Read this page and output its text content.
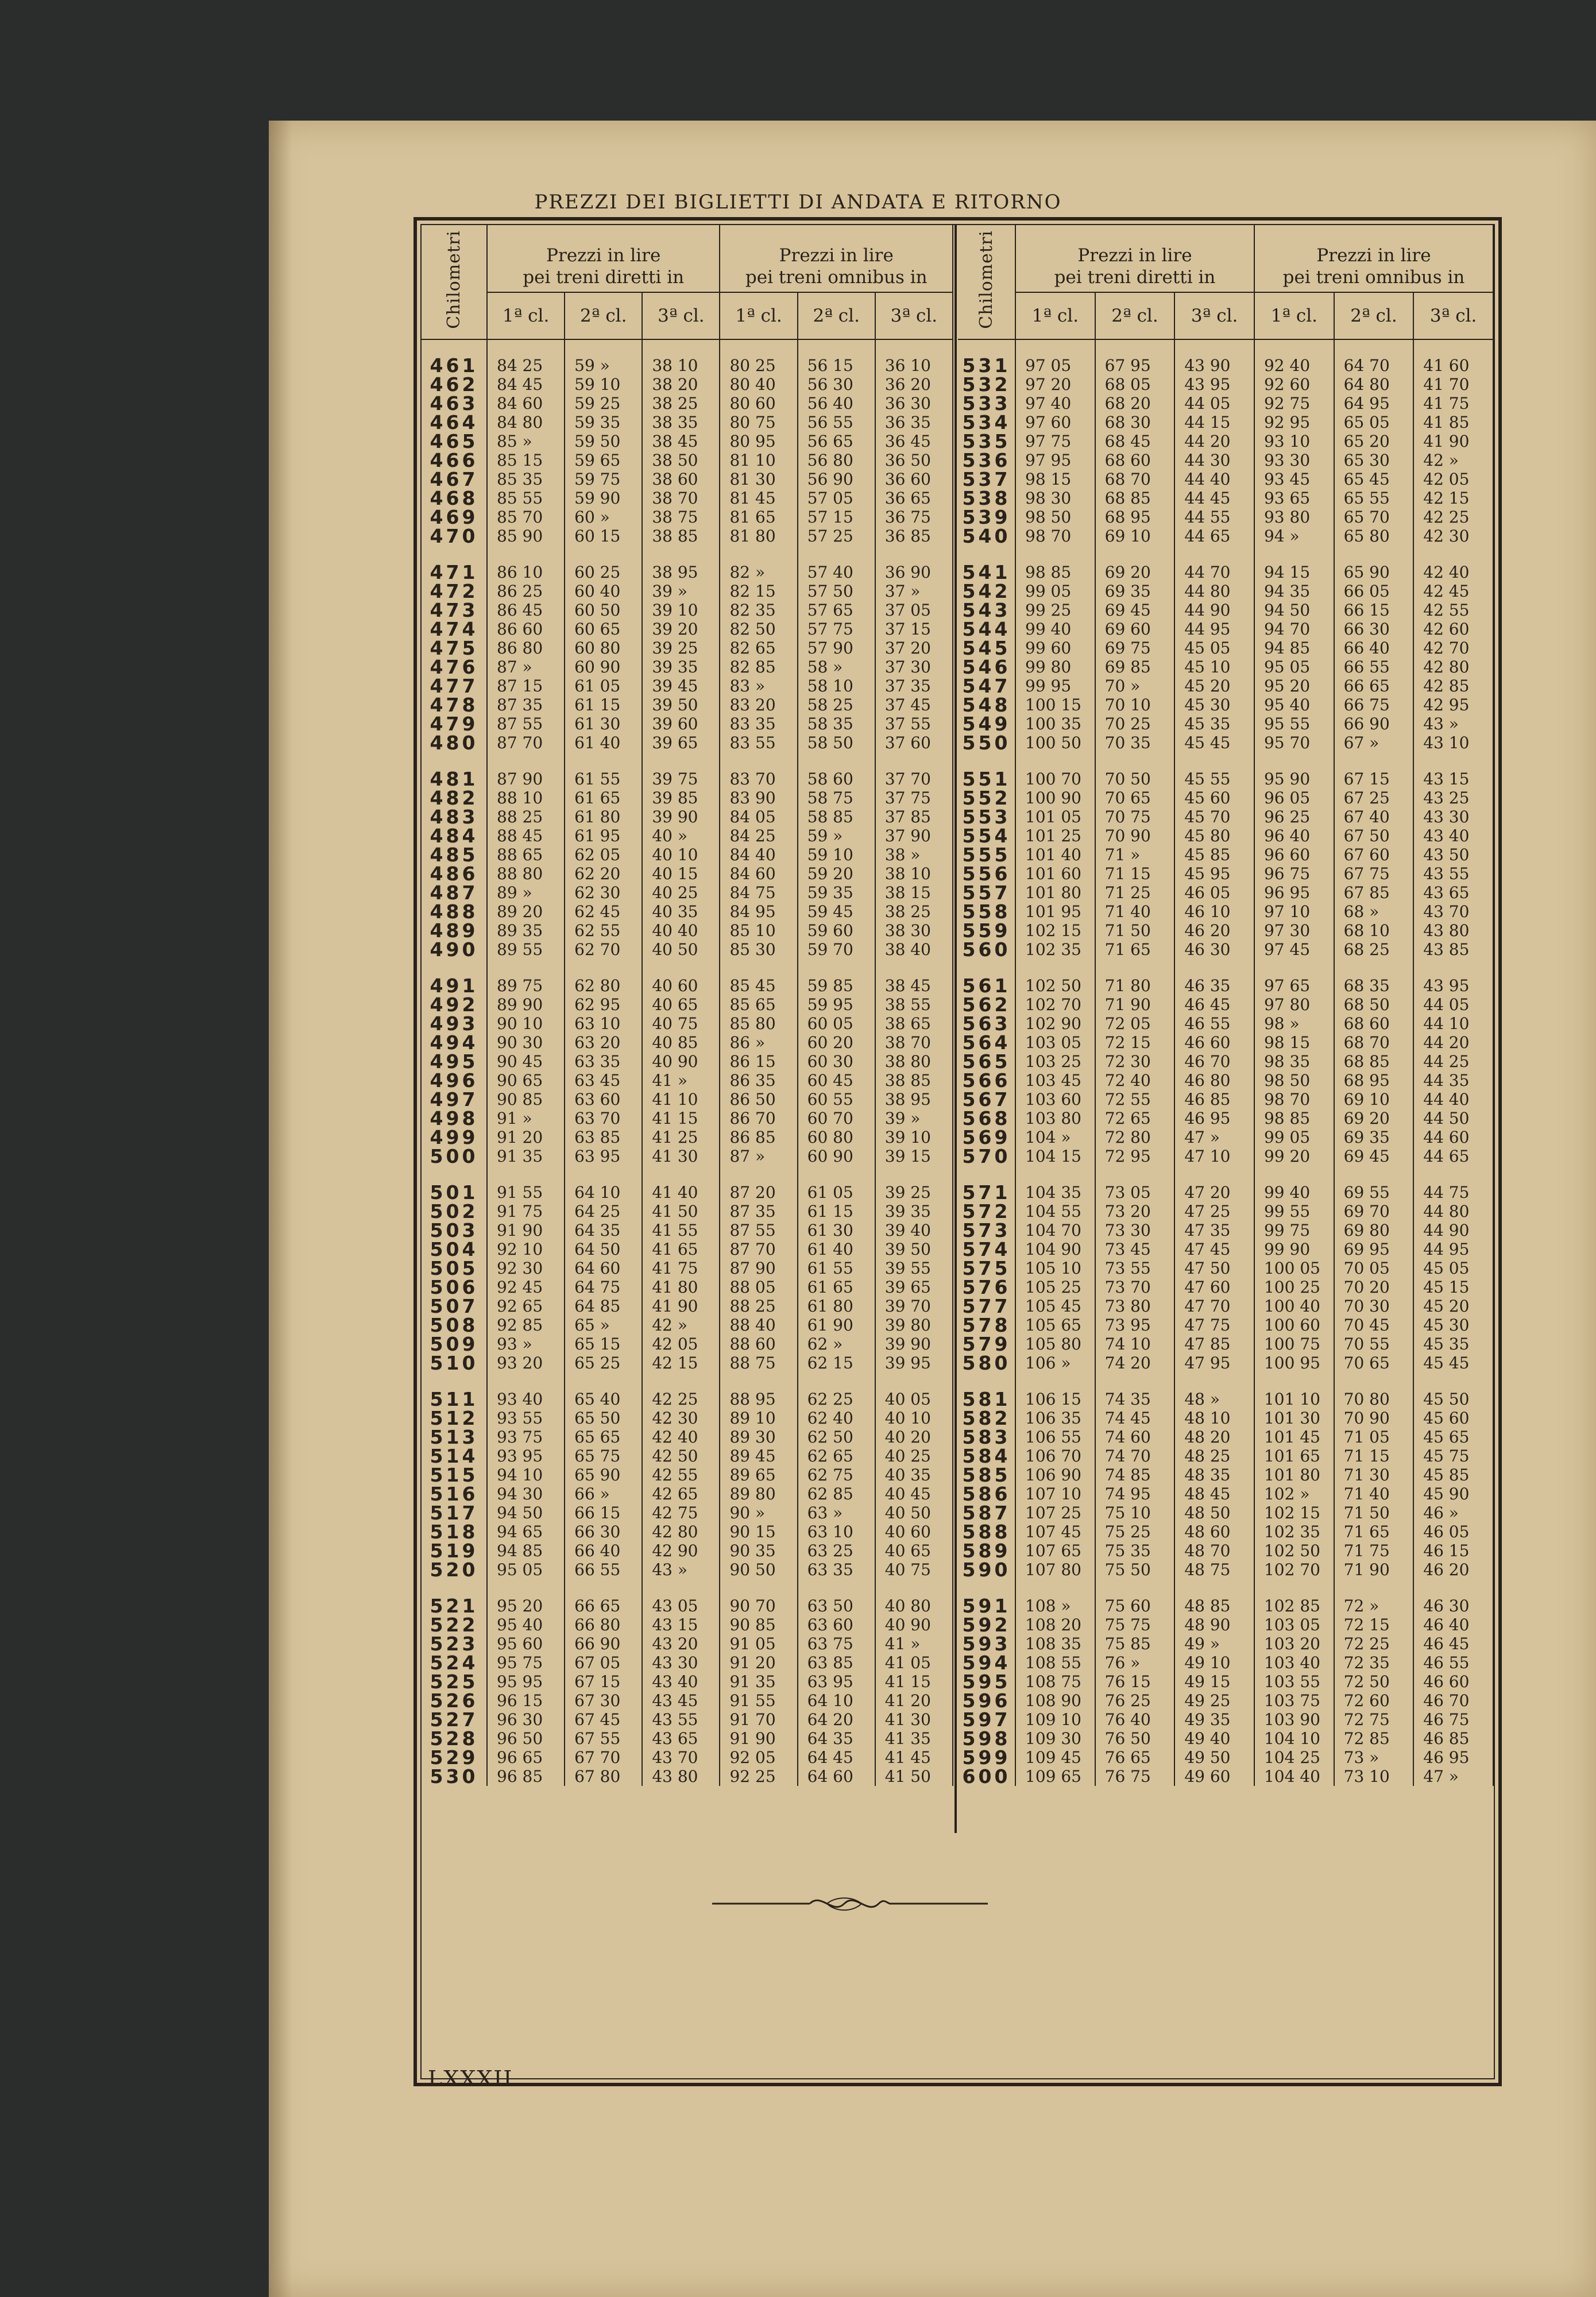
PREZZI DEI BIGLIETTI DI ANDATA E RITORNO
Chilometri	Prezzi in lire
pei treni diretti in			Prezzi in lire
pei treni omnibus in		

	1ª cl.	2ª cl.	3ª cl.	1ª cl.	2ª cl.	3ª cl.

461	84 25	59 »	38 10	80 25	56 15	36 10
462	84 45	59 10	38 20	80 40	56 30	36 20
463	84 60	59 25	38 25	80 60	56 40	36 30
464	84 80	59 35	38 35	80 75	56 55	36 35
465	85 »	59 50	38 45	80 95	56 65	36 45
466	85 15	59 65	38 50	81 10	56 80	36 50
467	85 35	59 75	38 60	81 30	56 90	36 60
468	85 55	59 90	38 70	81 45	57 05	36 65
469	85 70	60 »	38 75	81 65	57 15	36 75
470	85 90	60 15	38 85	81 80	57 25	36 85

471	86 10	60 25	38 95	82 »	57 40	36 90
472	86 25	60 40	39 »	82 15	57 50	37 »
473	86 45	60 50	39 10	82 35	57 65	37 05
474	86 60	60 65	39 20	82 50	57 75	37 15
475	86 80	60 80	39 25	82 65	57 90	37 20
476	87 »	60 90	39 35	82 85	58 »	37 30
477	87 15	61 05	39 45	83 »	58 10	37 35
478	87 35	61 15	39 50	83 20	58 25	37 45
479	87 55	61 30	39 60	83 35	58 35	37 55
480	87 70	61 40	39 65	83 55	58 50	37 60

481	87 90	61 55	39 75	83 70	58 60	37 70
482	88 10	61 65	39 85	83 90	58 75	37 75
483	88 25	61 80	39 90	84 05	58 85	37 85
484	88 45	61 95	40 »	84 25	59 »	37 90
485	88 65	62 05	40 10	84 40	59 10	38 »
486	88 80	62 20	40 15	84 60	59 20	38 10
487	89 »	62 30	40 25	84 75	59 35	38 15
488	89 20	62 45	40 35	84 95	59 45	38 25
489	89 35	62 55	40 40	85 10	59 60	38 30
490	89 55	62 70	40 50	85 30	59 70	38 40

491	89 75	62 80	40 60	85 45	59 85	38 45
492	89 90	62 95	40 65	85 65	59 95	38 55
493	90 10	63 10	40 75	85 80	60 05	38 65
494	90 30	63 20	40 85	86 »	60 20	38 70
495	90 45	63 35	40 90	86 15	60 30	38 80
496	90 65	63 45	41 »	86 35	60 45	38 85
497	90 85	63 60	41 10	86 50	60 55	38 95
498	91 »	63 70	41 15	86 70	60 70	39 »
499	91 20	63 85	41 25	86 85	60 80	39 10
500	91 35	63 95	41 30	87 »	60 90	39 15

501	91 55	64 10	41 40	87 20	61 05	39 25
502	91 75	64 25	41 50	87 35	61 15	39 35
503	91 90	64 35	41 55	87 55	61 30	39 40
504	92 10	64 50	41 65	87 70	61 40	39 50
505	92 30	64 60	41 75	87 90	61 55	39 55
506	92 45	64 75	41 80	88 05	61 65	39 65
507	92 65	64 85	41 90	88 25	61 80	39 70
508	92 85	65 »	42 »	88 40	61 90	39 80
509	93 »	65 15	42 05	88 60	62 »	39 90
510	93 20	65 25	42 15	88 75	62 15	39 95

511	93 40	65 40	42 25	88 95	62 25	40 05
512	93 55	65 50	42 30	89 10	62 40	40 10
513	93 75	65 65	42 40	89 30	62 50	40 20
514	93 95	65 75	42 50	89 45	62 65	40 25
515	94 10	65 90	42 55	89 65	62 75	40 35
516	94 30	66 »	42 65	89 80	62 85	40 45
517	94 50	66 15	42 75	90 »	63 »	40 50
518	94 65	66 30	42 80	90 15	63 10	40 60
519	94 85	66 40	42 90	90 35	63 25	40 65
520	95 05	66 55	43 »	90 50	63 35	40 75

521	95 20	66 65	43 05	90 70	63 50	40 80
522	95 40	66 80	43 15	90 85	63 60	40 90
523	95 60	66 90	43 20	91 05	63 75	41 »
524	95 75	67 05	43 30	91 20	63 85	41 05
525	95 95	67 15	43 40	91 35	63 95	41 15
526	96 15	67 30	43 45	91 55	64 10	41 20
527	96 30	67 45	43 55	91 70	64 20	41 30
528	96 50	67 55	43 65	91 90	64 35	41 35
529	96 65	67 70	43 70	92 05	64 45	41 45
530	96 85	67 80	43 80	92 25	64 60	41 50
Chilometri	Prezzi in lire
pei treni diretti in			Prezzi in lire
pei treni omnibus in		

	1ª cl.	2ª cl.	3ª cl.	1ª cl.	2ª cl.	3ª cl.

531	97 05	67 95	43 90	92 40	64 70	41 60
532	97 20	68 05	43 95	92 60	64 80	41 70
533	97 40	68 20	44 05	92 75	64 95	41 75
534	97 60	68 30	44 15	92 95	65 05	41 85
535	97 75	68 45	44 20	93 10	65 20	41 90
536	97 95	68 60	44 30	93 30	65 30	42 »
537	98 15	68 70	44 40	93 45	65 45	42 05
538	98 30	68 85	44 45	93 65	65 55	42 15
539	98 50	68 95	44 55	93 80	65 70	42 25
540	98 70	69 10	44 65	94 »	65 80	42 30

541	98 85	69 20	44 70	94 15	65 90	42 40
542	99 05	69 35	44 80	94 35	66 05	42 45
543	99 25	69 45	44 90	94 50	66 15	42 55
544	99 40	69 60	44 95	94 70	66 30	42 60
545	99 60	69 75	45 05	94 85	66 40	42 70
546	99 80	69 85	45 10	95 05	66 55	42 80
547	99 95	70 »	45 20	95 20	66 65	42 85
548	100 15	70 10	45 30	95 40	66 75	42 95
549	100 35	70 25	45 35	95 55	66 90	43 »
550	100 50	70 35	45 45	95 70	67 »	43 10

551	100 70	70 50	45 55	95 90	67 15	43 15
552	100 90	70 65	45 60	96 05	67 25	43 25
553	101 05	70 75	45 70	96 25	67 40	43 30
554	101 25	70 90	45 80	96 40	67 50	43 40
555	101 40	71 »	45 85	96 60	67 60	43 50
556	101 60	71 15	45 95	96 75	67 75	43 55
557	101 80	71 25	46 05	96 95	67 85	43 65
558	101 95	71 40	46 10	97 10	68 »	43 70
559	102 15	71 50	46 20	97 30	68 10	43 80
560	102 35	71 65	46 30	97 45	68 25	43 85

561	102 50	71 80	46 35	97 65	68 35	43 95
562	102 70	71 90	46 45	97 80	68 50	44 05
563	102 90	72 05	46 55	98 »	68 60	44 10
564	103 05	72 15	46 60	98 15	68 70	44 20
565	103 25	72 30	46 70	98 35	68 85	44 25
566	103 45	72 40	46 80	98 50	68 95	44 35
567	103 60	72 55	46 85	98 70	69 10	44 40
568	103 80	72 65	46 95	98 85	69 20	44 50
569	104 »	72 80	47 »	99 05	69 35	44 60
570	104 15	72 95	47 10	99 20	69 45	44 65

571	104 35	73 05	47 20	99 40	69 55	44 75
572	104 55	73 20	47 25	99 55	69 70	44 80
573	104 70	73 30	47 35	99 75	69 80	44 90
574	104 90	73 45	47 45	99 90	69 95	44 95
575	105 10	73 55	47 50	100 05	70 05	45 05
576	105 25	73 70	47 60	100 25	70 20	45 15
577	105 45	73 80	47 70	100 40	70 30	45 20
578	105 65	73 95	47 75	100 60	70 45	45 30
579	105 80	74 10	47 85	100 75	70 55	45 35
580	106 »	74 20	47 95	100 95	70 65	45 45

581	106 15	74 35	48 »	101 10	70 80	45 50
582	106 35	74 45	48 10	101 30	70 90	45 60
583	106 55	74 60	48 20	101 45	71 05	45 65
584	106 70	74 70	48 25	101 65	71 15	45 75
585	106 90	74 85	48 35	101 80	71 30	45 85
586	107 10	74 95	48 45	102 »	71 40	45 90
587	107 25	75 10	48 50	102 15	71 50	46 »
588	107 45	75 25	48 60	102 35	71 65	46 05
589	107 65	75 35	48 70	102 50	71 75	46 15
590	107 80	75 50	48 75	102 70	71 90	46 20

591	108 »	75 60	48 85	102 85	72 »	46 30
592	108 20	75 75	48 90	103 05	72 15	46 40
593	108 35	75 85	49 »	103 20	72 25	46 45
594	108 55	76 »	49 10	103 40	72 35	46 55
595	108 75	76 15	49 15	103 55	72 50	46 60
596	108 90	76 25	49 25	103 75	72 60	46 70
597	109 10	76 40	49 35	103 90	72 75	46 75
598	109 30	76 50	49 40	104 10	72 85	46 85
599	109 45	76 65	49 50	104 25	73 »	46 95
600	109 65	76 75	49 60	104 40	73 10	47 »
LXXXII
